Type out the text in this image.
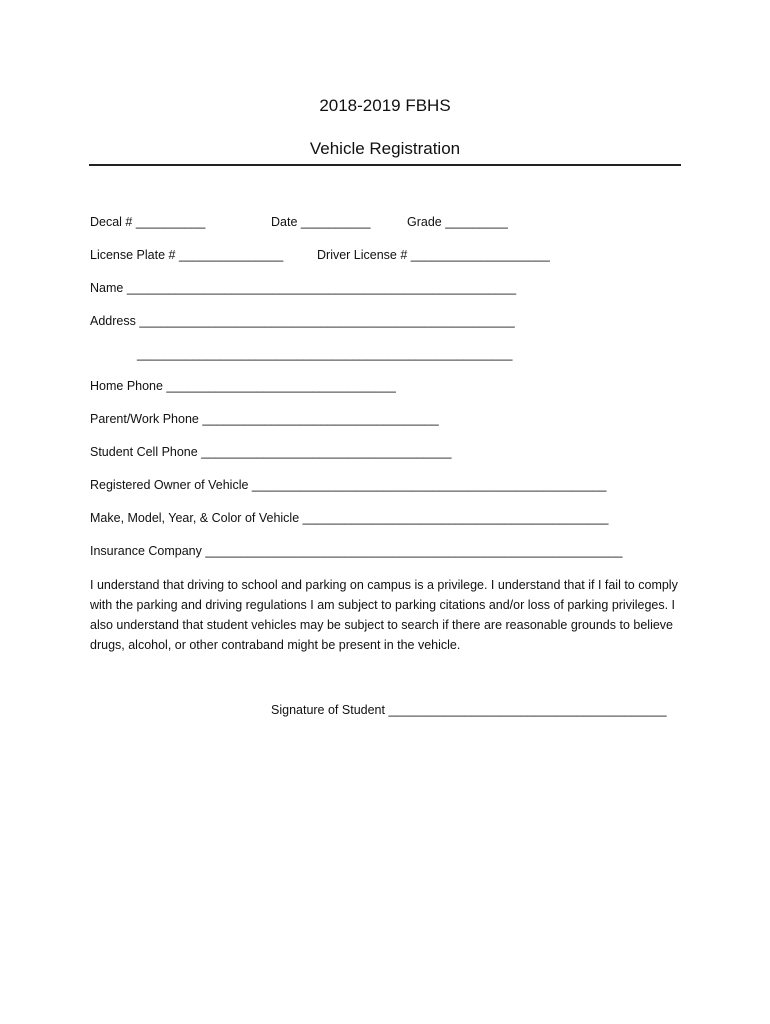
2018-2019 FBHS
Vehicle Registration
Decal # __________	Date __________	Grade _________
License Plate # _______________	Driver License # ____________________
Name ________________________________________________________
Address ______________________________________________________
______________________________________________________
Home Phone _________________________________
Parent/Work Phone __________________________________
Student Cell Phone ____________________________________
Registered Owner of Vehicle ___________________________________________________
Make, Model, Year, & Color of Vehicle ____________________________________________
Insurance Company ____________________________________________________________
I understand that driving to school and parking on campus is a privilege. I understand that if I fail to comply with the parking and driving regulations I am subject to parking citations and/or loss of parking privileges. I also understand that student vehicles may be subject to search if there are reasonable grounds to believe drugs, alcohol, or other contraband might be present in the vehicle.
Signature of Student ________________________________________
